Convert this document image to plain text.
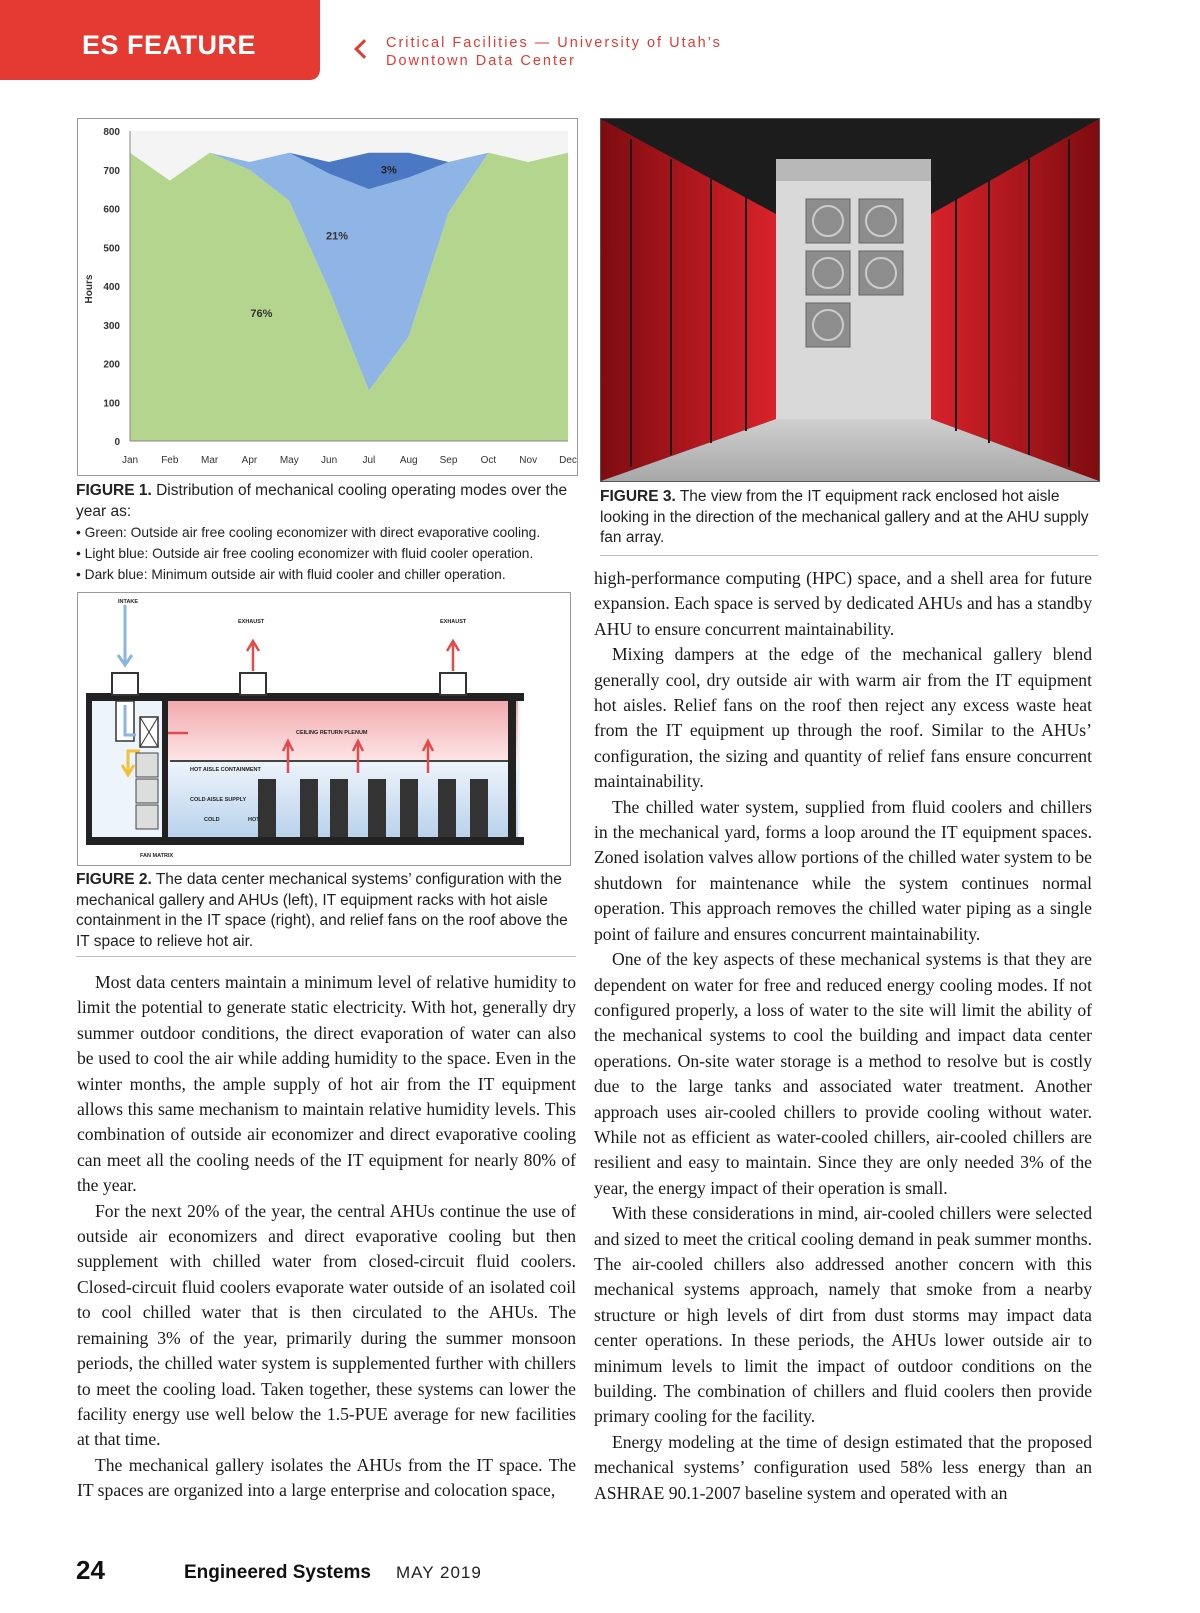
ES FEATURE	Critical Facilities — University of Utah’s
Downtown Data Center
0
100
200
300
400
500
600
700
800
Jan Feb Mar Apr May Jun	Jul Aug Sep Oct Nov Dec
Hours
76%
21%
3%
FIGURE 1. Distribution of mechanical cooling operating modes over the year as:
• Green: Outside air free cooling economizer with direct evaporative cooling.
• Light blue: Outside air free cooling economizer with fluid cooler operation.
• Dark blue: Minimum outside air with fluid cooler and chiller operation.
INTAKE
EXHAUST	EXHAUST
CEILING RETURN PLENUM
HOT AISLE CONTAINMENT
COLD AISLE SUPPLY
COLD	HOT
FAN MATRIX
FIGURE 2. The data center mechanical systems’ configuration with the mechanical gallery and AHUs (left), IT equipment racks with hot aisle containment in the IT space (right), and relief fans on the roof above the IT space to relieve hot air.
FIGURE 3. The view from the IT equipment rack enclosed hot aisle looking in the direction of the mechanical gallery and at the AHU supply fan array.

Most data centers maintain a minimum level of relative humidity to limit the potential to generate static electricity. With hot, generally dry summer outdoor conditions, the direct evaporation of water can also be used to cool the air while adding humidity to the space. Even in the winter months, the ample supply of hot air from the IT equipment allows this same mechanism to maintain relative humidity levels. This combination of outside air economizer and direct evaporative cooling can meet all the cooling needs of the IT equipment for nearly 80% of the year.

For the next 20% of the year, the central AHUs continue the use of outside air economizers and direct evaporative cooling but then supplement with chilled water from closed-circuit fluid coolers. Closed-circuit fluid coolers evaporate water outside of an isolated coil to cool chilled water that is then circulated to the AHUs. The remaining 3% of the year, primarily during the summer monsoon periods, the chilled water system is supplemented further with chillers to meet the cooling load. Taken together, these systems can lower the facility energy use well below the 1.5-PUE average for new facilities at that time.

The mechanical gallery isolates the AHUs from the IT space. The IT spaces are organized into a large enterprise and colocation space,

high-performance computing (HPC) space, and a shell area for future expansion. Each space is served by dedicated AHUs and has a standby AHU to ensure concurrent maintainability.

Mixing dampers at the edge of the mechanical gallery blend generally cool, dry outside air with warm air from the IT equipment hot aisles. Relief fans on the roof then reject any excess waste heat from the IT equipment up through the roof. Similar to the AHUs’ configuration, the sizing and quantity of relief fans ensure concurrent maintainability.

The chilled water system, supplied from fluid coolers and chillers in the mechanical yard, forms a loop around the IT equipment spaces. Zoned isolation valves allow portions of the chilled water system to be shutdown for maintenance while the system continues normal operation. This approach removes the chilled water piping as a single point of failure and ensures concurrent maintainability.

One of the key aspects of these mechanical systems is that they are dependent on water for free and reduced energy cooling modes. If not configured properly, a loss of water to the site will limit the ability of the mechanical systems to cool the building and impact data center operations. On-site water storage is a method to resolve but is costly due to the large tanks and associated water treatment. Another approach uses air-cooled chillers to provide cooling without water. While not as efficient as water-cooled chillers, air-cooled chillers are resilient and easy to maintain. Since they are only needed 3% of the year, the energy impact of their operation is small.

With these considerations in mind, air-cooled chillers were selected and sized to meet the critical cooling demand in peak summer months. The air-cooled chillers also addressed another concern with this mechanical systems approach, namely that smoke from a nearby structure or high levels of dirt from dust storms may impact data center operations. In these periods, the AHUs lower outside air to minimum levels to limit the impact of outdoor conditions on the building. The combination of chillers and fluid coolers then provide primary cooling for the facility.

Energy modeling at the time of design estimated that the proposed mechanical systems’ configuration used 58% less energy than an ASHRAE 90.1-2007 baseline system and operated with an

24	Engineered Systems MAY 2019
